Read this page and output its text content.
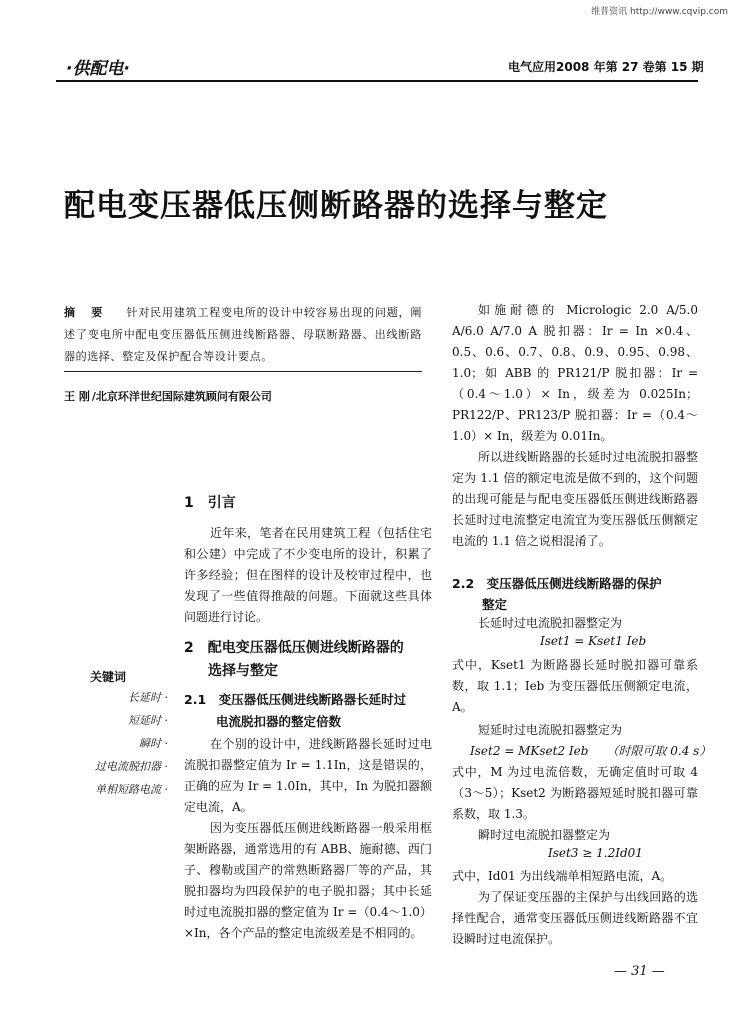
维普资讯 http://www.cqvip.com
·供配电·	电气应用2008 年第 27 卷第 15 期
配电变压器低压侧断路器的选择与整定
摘 要 针对民用建筑工程变电所的设计中较容易出现的问题，阐述了变电所中配电变压器低压侧进线断路器、母联断路器、出线断路器的选择、整定及保护配合等设计要点。
王 刚 /北京环洋世纪国际建筑顾问有限公司
1　引言
近年来，笔者在民用建筑工程（包括住宅和公建）中完成了不少变电所的设计，积累了许多经验；但在图样的设计及校审过程中，也发现了一些值得推敲的问题。下面就这些具体问题进行讨论。
2　配电变压器低压侧进线断路器的
选择与整定
2.1　变压器低压侧进线断路器长延时过
电流脱扣器的整定倍数
在个别的设计中，进线断路器长延时过电流脱扣器整定值为 Ir = 1.1In，这是错误的，正确的应为 Ir = 1.0In，其中，In 为脱扣器额定电流，A。
因为变压器低压侧进线断路器一般采用框架断路器，通常选用的有 ABB、施耐德、西门子、穆勒或国产的常熟断路器厂等的产品，其脱扣器均为四段保护的电子脱扣器；其中长延时过电流脱扣器的整定值为 Ir =（0.4～1.0）×In，各个产品的整定电流级差是不相同的。
关键词
长延时 ·
短延时 ·
瞬时 ·
过电流脱扣器 ·
单相短路电流 ·
如施耐德的 Micrologic 2.0 A/5.0 A/6.0 A/7.0 A 脱扣器：Ir = In ×0.4、0.5、0.6、0.7、0.8、0.9、0.95、0.98、1.0；如 ABB 的 PR121/P 脱扣器：Ir =（0.4～1.0）× In，级差为 0.025In；PR122/P、PR123/P 脱扣器：Ir =（0.4～1.0）× In，级差为 0.01In。
所以进线断路器的长延时过电流脱扣器整定为 1.1 倍的额定电流是做不到的，这个问题的出现可能是与配电变压器低压侧进线断路器长延时过电流整定电流宜为变压器低压侧额定电流的 1.1 倍之说相混淆了。
2.2　变压器低压侧进线断路器的保护
整定
长延时过电流脱扣器整定为
Iset1 = Kset1 Ieb
式中，Kset1 为断路器长延时脱扣器可靠系数，取 1.1；Ieb 为变压器低压侧额定电流，A。
短延时过电流脱扣器整定为
Iset2 = MKset2 Ieb　　（时限可取 0.4 s）
式中，M 为过电流倍数，无确定值时可取 4（3～5）；Kset2 为断路器短延时脱扣器可靠系数，取 1.3。
瞬时过电流脱扣器整定为
Iset3 ≥ 1.2Id01
式中，Id01 为出线端单相短路电流，A。
为了保证变压器的主保护与出线回路的选择性配合，通常变压器低压侧进线断路器不宜设瞬时过电流保护。
— 31 —
